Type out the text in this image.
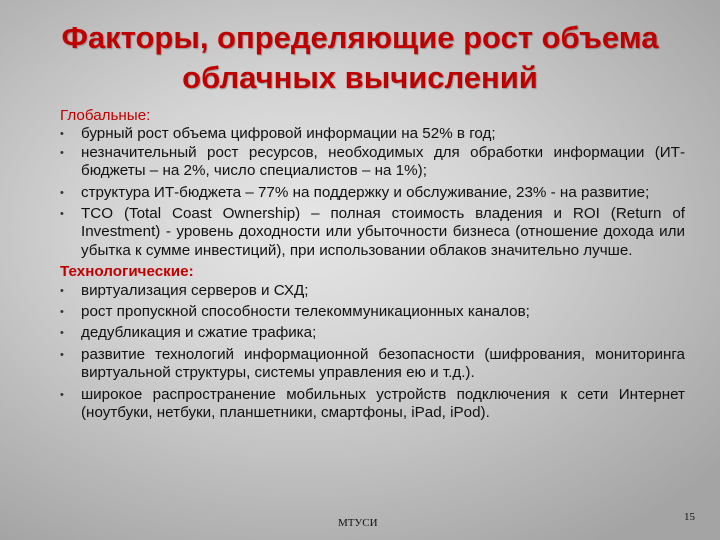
Факторы, определяющие рост объема
облачных вычислений
Глобальные:
• бурный рост объема цифровой информации на 52% в год;
• незначительный рост ресурсов, необходимых для обработки информации (ИТ-бюджеты – на 2%, число специалистов – на 1%);
• структура ИТ-бюджета – 77% на поддержку и обслуживание, 23% - на развитие;
• TCO (Total Coast Ownership) – полная стоимость владения и ROI (Return of Investment) - уровень доходности или убыточности бизнеса (отношение дохода или убытка к сумме инвестиций), при использовании облаков значительно лучше.
Технологические:
• виртуализация серверов и СХД;
• рост пропускной способности телекоммуникационных каналов;
• дедубликация и сжатие трафика;
• развитие технологий информационной безопасности (шифрования, мониторинга виртуальной структуры, системы управления ею и т.д.).
• широкое распространение мобильных устройств подключения к сети Интернет (ноутбуки, нетбуки, планшетники, смартфоны, iPad, iPod).
МТУСИ	15
